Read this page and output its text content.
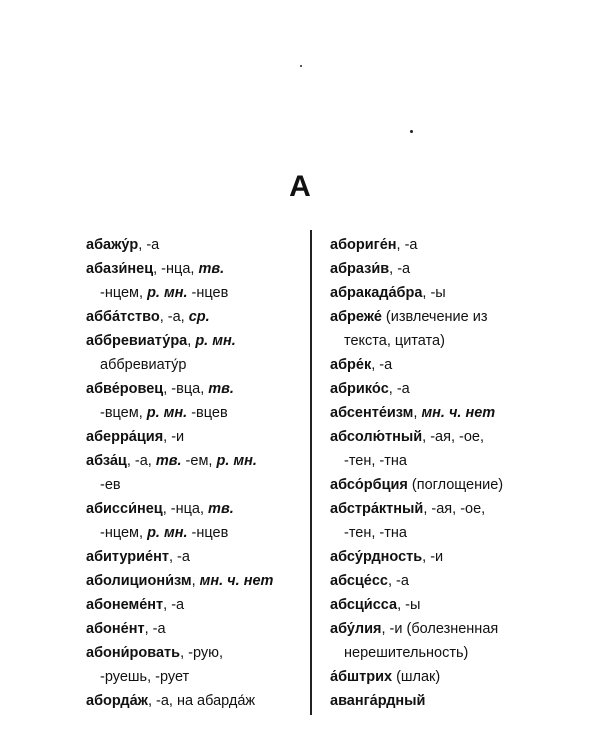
А
абажу́р, -а
абази́нец, -нца, тв.
-нцем, р. мн. -нцев
абба́тство, -а, ср.
аббревиату́ра, р. мн.
аббревиату́р
абве́ровец, -вца, тв.
-вцем, р. мн. -вцев
аберра́ция, -и
абза́ц, -а, тв. -ем, р. мн.
-ев
абисси́нец, -нца, тв.
-нцем, р. мн. -нцев
абитурие́нт, -а
аболициони́зм, мн. ч. нет
абонеме́нт, -а
абоне́нт, -а
абони́ровать, -рую,
-руешь, -рует
аборда́ж, -а, на абарда́ж
абориге́н, -а
абрази́в, -а
абракада́бра, -ы
абреже́ (извлечение из
текста, цитата)
абре́к, -а
абрико́с, -а
абсенте́изм, мн. ч. нет
абсолю́тный, -ая, -ое,
-тен, -тна
абсо́рбция (поглощение)
абстра́ктный, -ая, -ое,
-тен, -тна
абсу́рдность, -и
абсце́сс, -а
абсци́сса, -ы
абу́лия, -и (болезненная
нерешительность)
а́бштрих (шлак)
аванга́рдный
